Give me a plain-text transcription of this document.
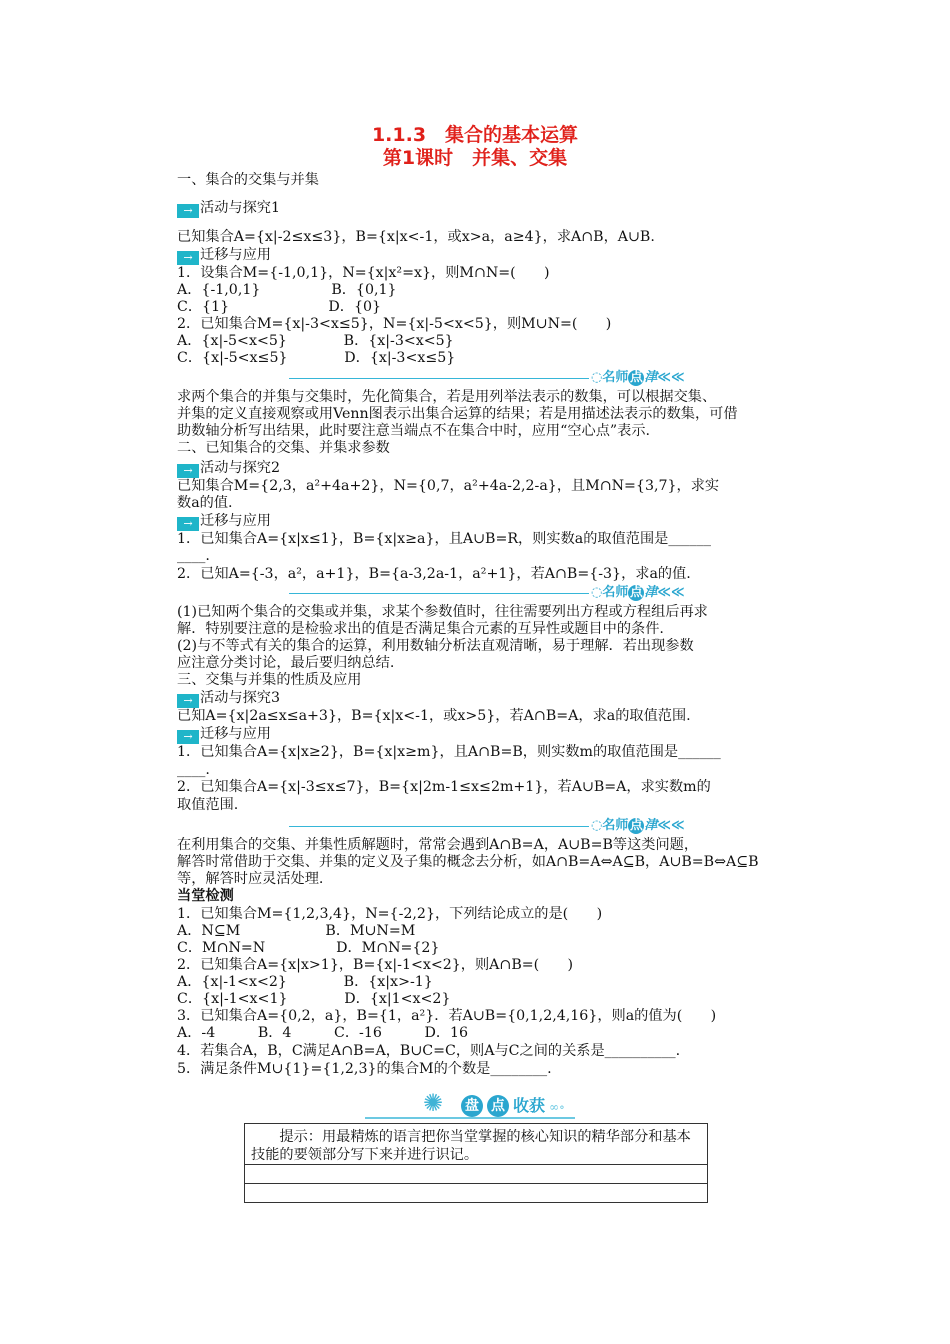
1.1.3　集合的基本运算
第1课时　并集、交集
一、集合的交集与并集
→ 活动与探究1
已知集合A={x|-2≤x≤3}，B={x|x<-1，或x>a，a≥4}，求A∩B，A∪B.
→ 迁移与应用
1．设集合M={-1,0,1}，N={x|x²=x}，则M∩N=(　　)
A．{-1,0,1}　　　　　B．{0,1}
C．{1}　　　　　　　D．{0}
2．已知集合M={x|-3<x≤5}，N={x|-5<x<5}，则M∪N=(　　)
A．{x|-5<x<5}　　　　B．{x|-3<x<5}
C．{x|-5<x≤5}　　　　D．{x|-3<x≤5}
◌名师点 津≪≪
求两个集合的并集与交集时，先化简集合，若是用列举法表示的数集，可以根据交集、
并集的定义直接观察或用Venn图表示出集合运算的结果；若是用描述法表示的数集，可借
助数轴分析写出结果，此时要注意当端点不在集合中时，应用“空心点”表示.
二、已知集合的交集、并集求参数
→ 活动与探究2
已知集合M={2,3，a²+4a+2}，N={0,7，a²+4a-2,2-a}，且M∩N={3,7}，求实
数a的值.
→ 迁移与应用
1．已知集合A={x|x≤1}，B={x|x≥a}，且A∪B=R，则实数a的取值范围是______
____.
2．已知A={-3，a²，a+1}，B={a-3,2a-1，a²+1}，若A∩B={-3}，求a的值.
◌名师点 津≪≪
(1)已知两个集合的交集或并集，求某个参数值时，往往需要列出方程或方程组后再求
解．特别要注意的是检验求出的值是否满足集合元素的互异性或题目中的条件.
(2)与不等式有关的集合的运算，利用数轴分析法直观清晰，易于理解．若出现参数
应注意分类讨论，最后要归纳总结.
三、交集与并集的性质及应用
→ 活动与探究3
已知A={x|2a≤x≤a+3}，B={x|x<-1，或x>5}，若A∩B=A，求a的取值范围.
→ 迁移与应用
1．已知集合A={x|x≥2}，B={x|x≥m}，且A∩B=B，则实数m的取值范围是______
____.
2．已知集合A={x|-3≤x≤7}，B={x|2m-1≤x≤2m+1}，若A∪B=A，求实数m的
取值范围.
◌名师点 津≪≪
在利用集合的交集、并集性质解题时，常常会遇到A∩B=A，A∪B=B等这类问题，
解答时常借助于交集、并集的定义及子集的概念去分析，如A∩B=A⇔A⊆B，A∪B=B⇔A⊆B
等，解答时应灵活处理.
当堂检测
1．已知集合M={1,2,3,4}，N={-2,2}，下列结论成立的是(　　)
A．N⊆M　　　　　　B．M∪N=M
C．M∩N=N　　　　　D．M∩N={2}
2．已知集合A={x|x>1}，B={x|-1<x<2}，则A∩B=(　　)
A．{x|-1<x<2}　　　　B．{x|x>-1}
C．{x|-1<x<1}　　　　D．{x|1<x<2}
3．已知集合A={0,2，a}，B={1，a²}．若A∪B={0,1,2,4,16}，则a的值为(　　)
A．-4　　　B．4　　　C．-16　　　D．16
4．若集合A，B，C满足A∩B=A，B∪C=C，则A与C之间的关系是__________.
5．满足条件M∪{1}={1,2,3}的集合M的个数是________.
✺ 盘 点 收获 ∞∘
提示：用最精炼的语言把你当堂掌握的核心知识的精华部分和基本技能的要领部分写下来并进行识记。
